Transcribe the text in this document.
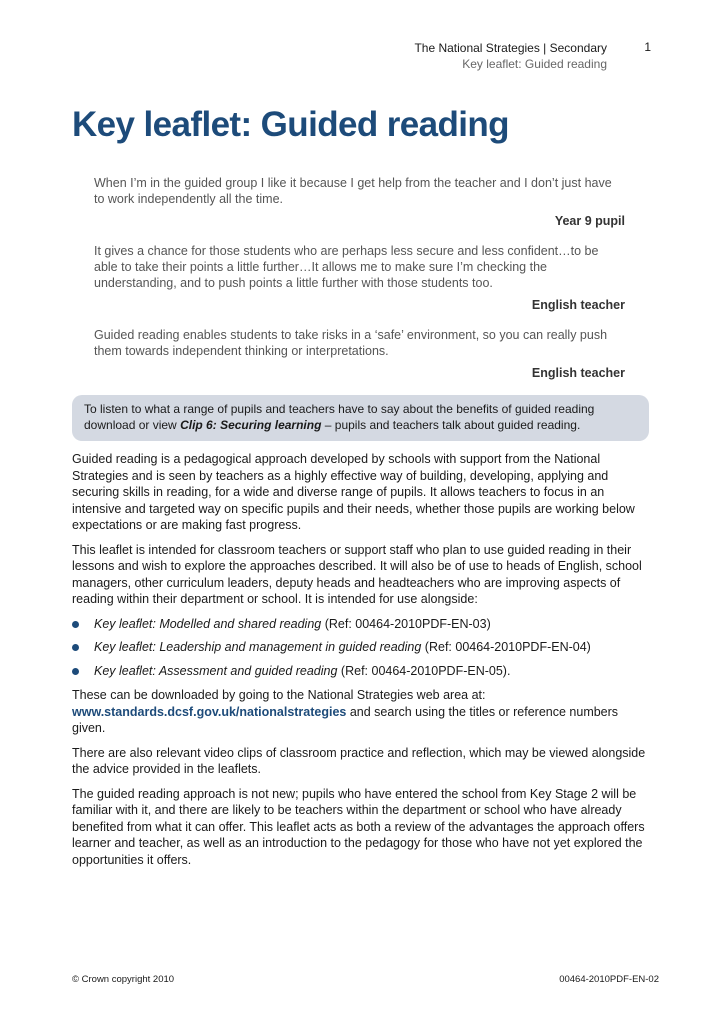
The National Strategies | Secondary
Key leaflet: Guided reading
1
Key leaflet: Guided reading
When I’m in the guided group I like it because I get help from the teacher and I don’t just have to work independently all the time.
Year 9 pupil
It gives a chance for those students who are perhaps less secure and less confident…to be able to take their points a little further…It allows me to make sure I’m checking the understanding, and to push points a little further with those students too.
English teacher
Guided reading enables students to take risks in a ‘safe’ environment, so you can really push them towards independent thinking or interpretations.
English teacher
To listen to what a range of pupils and teachers have to say about the benefits of guided reading download or view Clip 6: Securing learning – pupils and teachers talk about guided reading.

Guided reading is a pedagogical approach developed by schools with support from the National Strategies and is seen by teachers as a highly effective way of building, developing, applying and securing skills in reading, for a wide and diverse range of pupils. It allows teachers to focus in an intensive and targeted way on specific pupils and their needs, whether those pupils are working below expectations or are making fast progress.

This leaflet is intended for classroom teachers or support staff who plan to use guided reading in their lessons and wish to explore the approaches described. It will also be of use to heads of English, school managers, other curriculum leaders, deputy heads and headteachers who are improving aspects of reading within their department or school. It is intended for use alongside:

Key leaflet: Modelled and shared reading (Ref: 00464-2010PDF-EN-03)
Key leaflet: Leadership and management in guided reading (Ref: 00464-2010PDF-EN-04)
Key leaflet: Assessment and guided reading (Ref: 00464-2010PDF-EN-05).

These can be downloaded by going to the National Strategies web area at: www.standards.dcsf.gov.uk/nationalstrategies and search using the titles or reference numbers given.

There are also relevant video clips of classroom practice and reflection, which may be viewed alongside the advice provided in the leaflets.

The guided reading approach is not new; pupils who have entered the school from Key Stage 2 will be familiar with it, and there are likely to be teachers within the department or school who have already benefited from what it can offer. This leaflet acts as both a review of the advantages the approach offers learner and teacher, as well as an introduction to the pedagogy for those who have not yet explored the opportunities it offers.

© Crown copyright 2010	00464-2010PDF-EN-02
